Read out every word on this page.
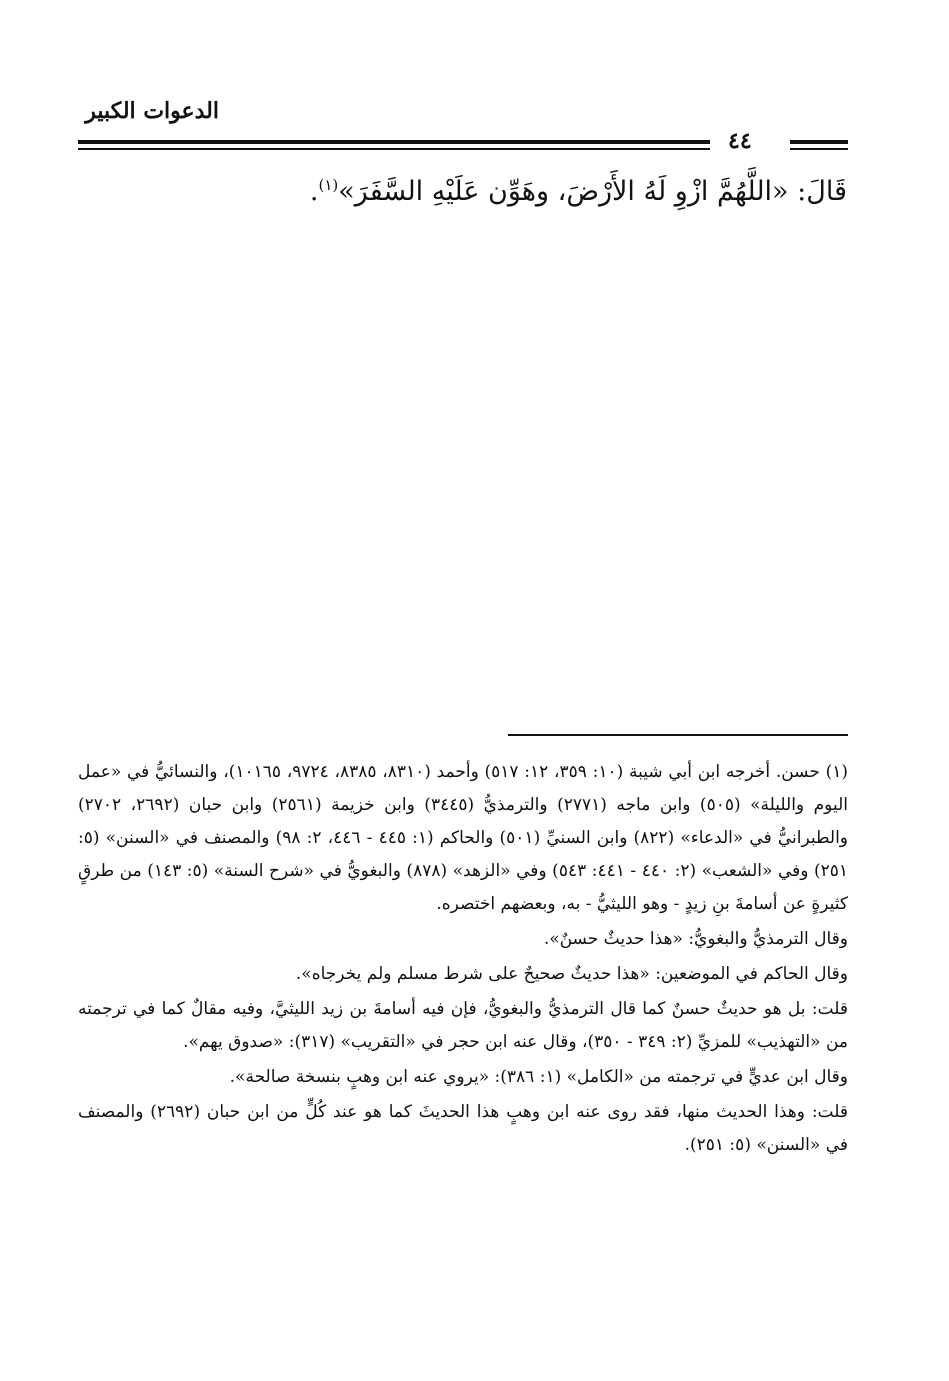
الدعوات الكبير
٤٤
قَالَ: «اللَّهُمَّ ازْوِ لَهُ الأَرْضَ، وهَوِّن عَلَيْهِ السَّفَرَ»$^{(١)}$.

(١) حسن. أخرجه ابن أبي شيبة (١٠: ٣٥٩، ١٢: ٥١٧) وأحمد (٨٣١٠، ٨٣٨٥، ٩٧٢٤، ١٠١٦٥)، والنسائيُّ في «عمل اليوم والليلة» (٥٠٥) وابن ماجه (٢٧٧١) والترمذيُّ (٣٤٤٥) وابن خزيمة (٢٥٦١) وابن حبان (٢٦٩٢، ٢٧٠٢) والطبرانيُّ في «الدعاء» (٨٢٢) وابن السنيِّ (٥٠١) والحاكم (١: ٤٤٥ - ٤٤٦، ٢: ٩٨) والمصنف في «السنن» (٥: ٢٥١) وفي «الشعب» (٢: ٤٤٠ - ٤٤١: ٥٤٣) وفي «الزهد» (٨٧٨) والبغويُّ في «شرح السنة» (٥: ١٤٣) من طرقٍ كثيرةٍ عن أسامةَ بنِ زيدٍ - وهو الليثيُّ - به، وبعضهم اختصره.

وقال الترمذيُّ والبغويُّ: «هذا حديثٌ حسنٌ».

وقال الحاكم في الموضعين: «هذا حديثٌ صحيحٌ على شرط مسلم ولم يخرجاه».

قلت: بل هو حديثٌ حسنٌ كما قال الترمذيُّ والبغويُّ، فإن فيه أسامةَ بن زيد الليثيَّ، وفيه مقالٌ كما في ترجمته من «التهذيب» للمزيِّ (٢: ٣٤٩ - ٣٥٠)، وقال عنه ابن حجر في «التقريب» (٣١٧): «صدوق يهم».

وقال ابن عديٍّ في ترجمته من «الكامل» (١: ٣٨٦): «يروي عنه ابن وهبٍ بنسخة صالحة».

قلت: وهذا الحديث منها، فقد روى عنه ابن وهبٍ هذا الحديثَ كما هو عند كُلٍّ من ابن حبان (٢٦٩٢) والمصنف في «السنن» (٥: ٢٥١).
